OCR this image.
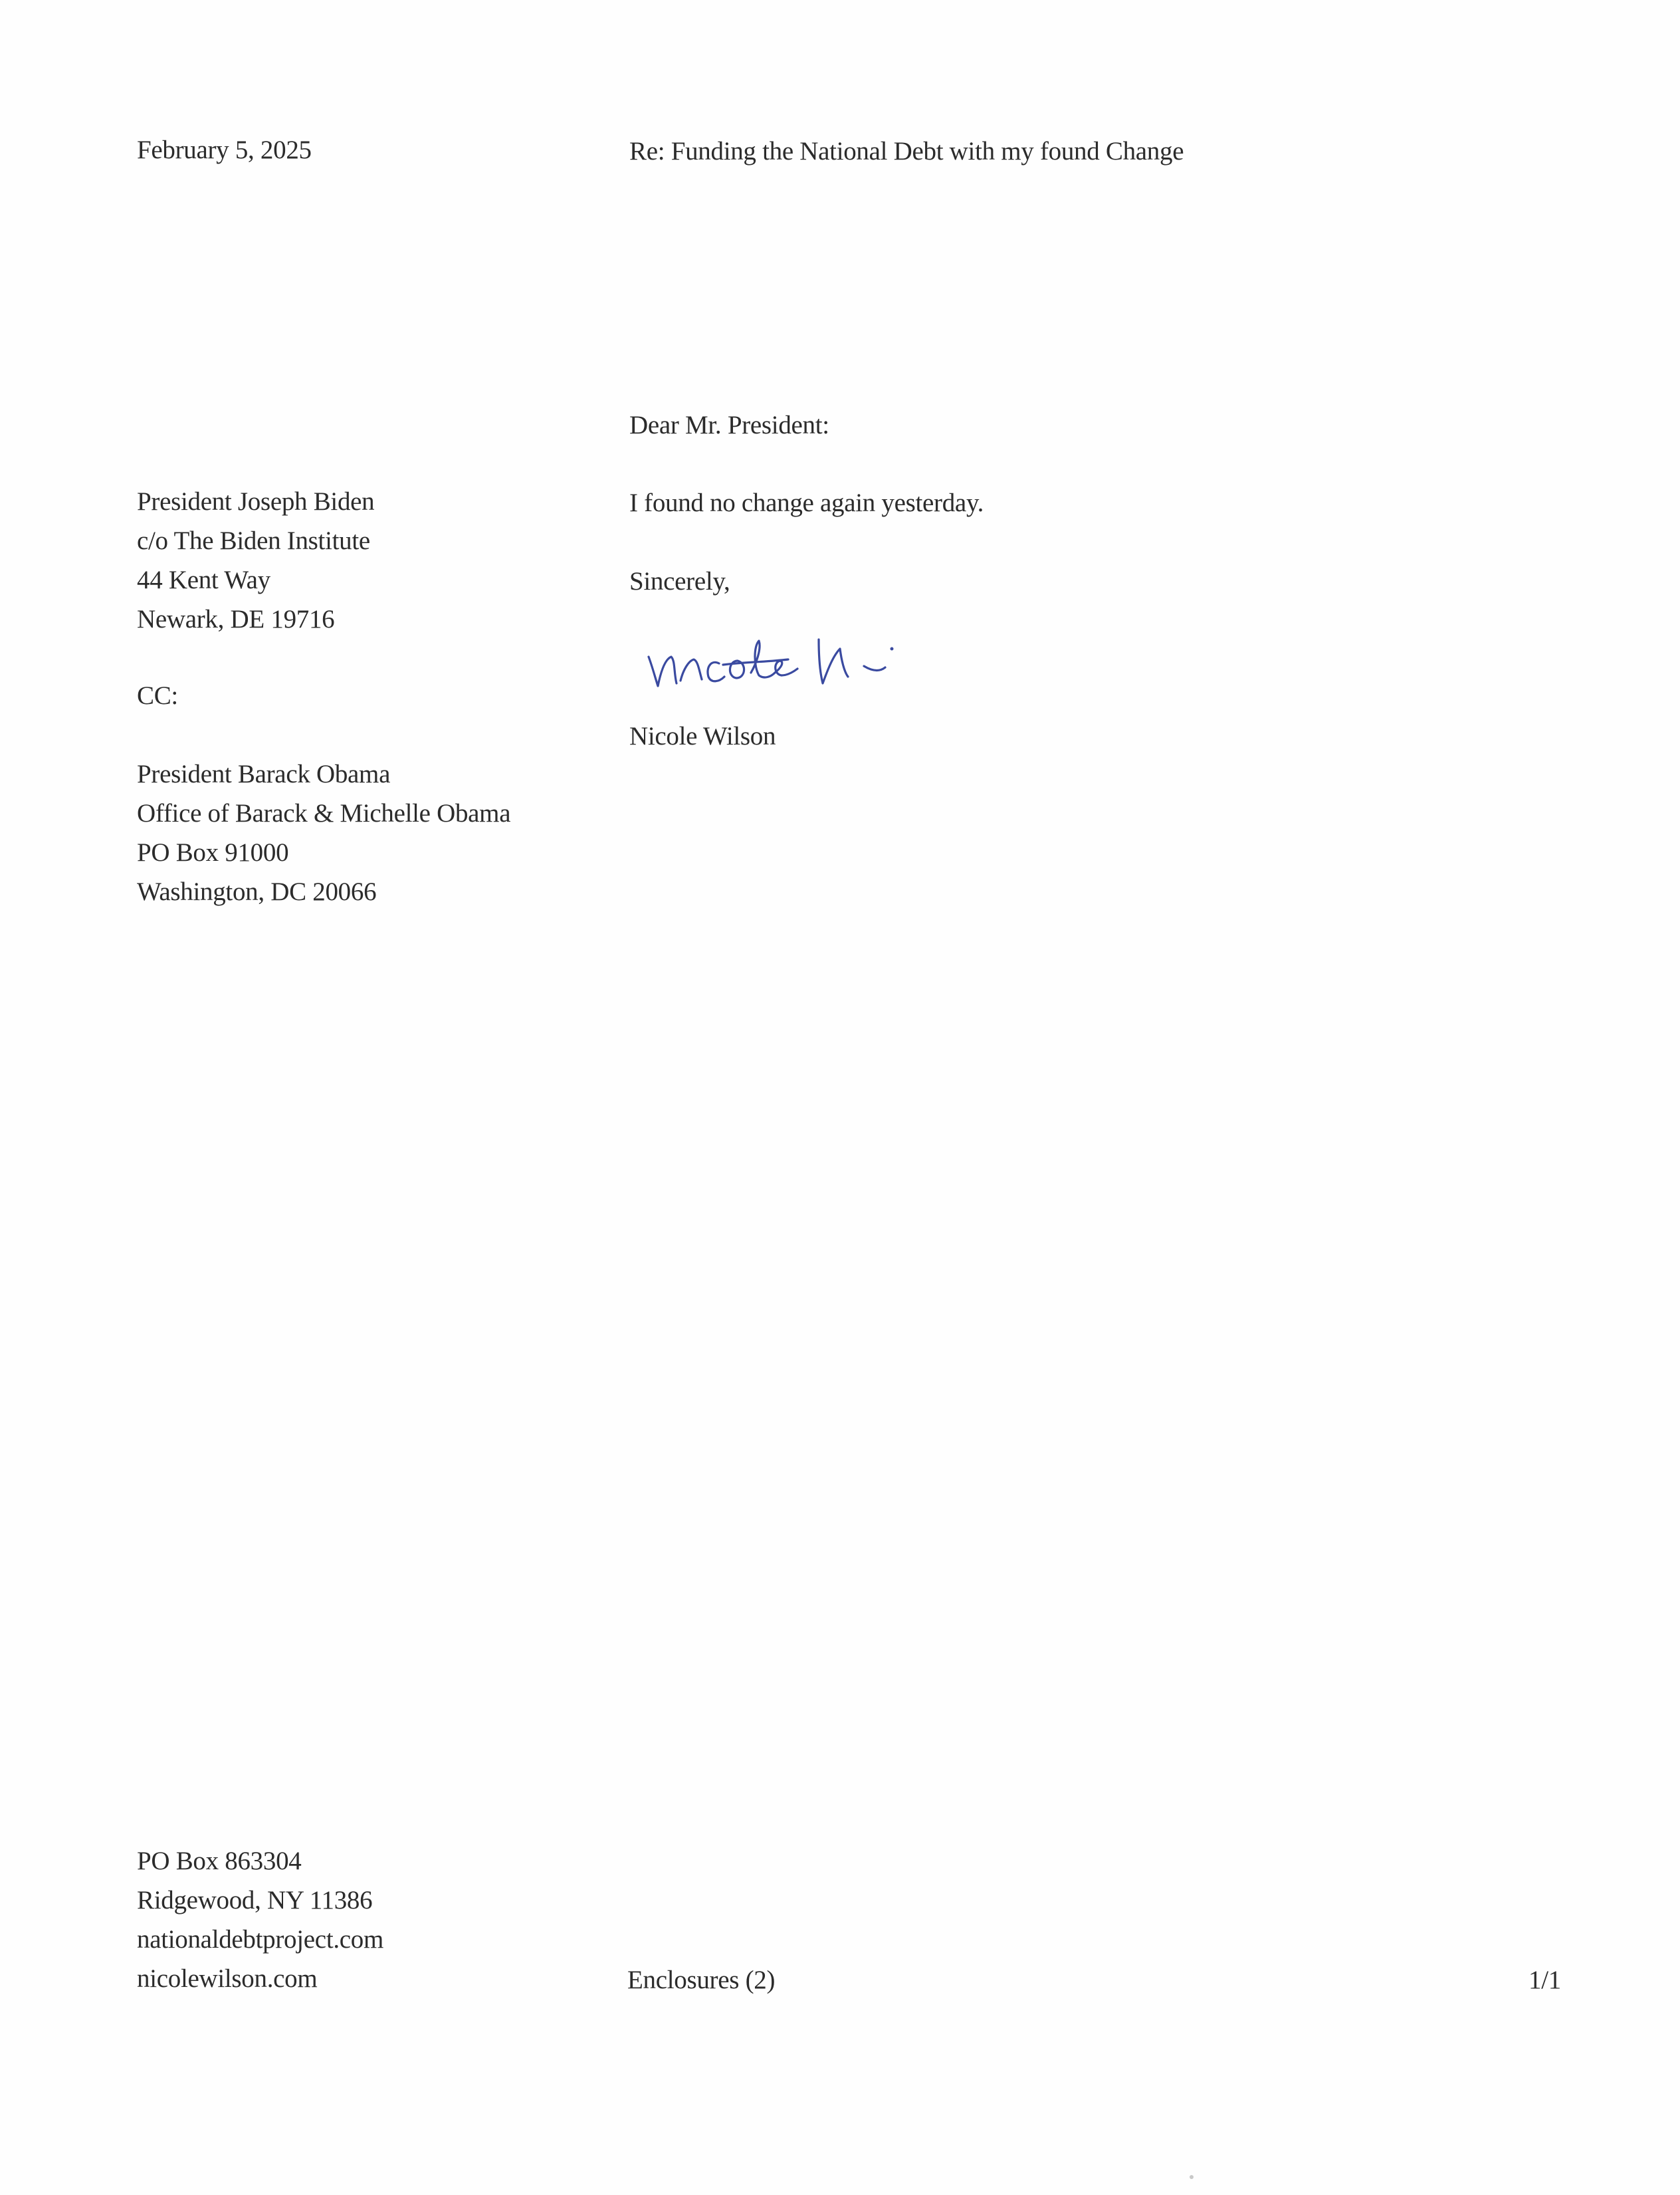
February 5, 2025	Re: Funding the National Debt with my found Change
Dear Mr. President:
President Joseph Biden
c/o The Biden Institute
44 Kent Way
Newark, DE 19716
I found no change again yesterday.
Sincerely,
CC:
Nicole Wilson
President Barack Obama
Office of Barack & Michelle Obama
PO Box 91000
Washington, DC 20066
PO Box 863304
Ridgewood, NY 11386
nationaldebtproject.com
nicolewilson.com	Enclosures (2)	1/1
